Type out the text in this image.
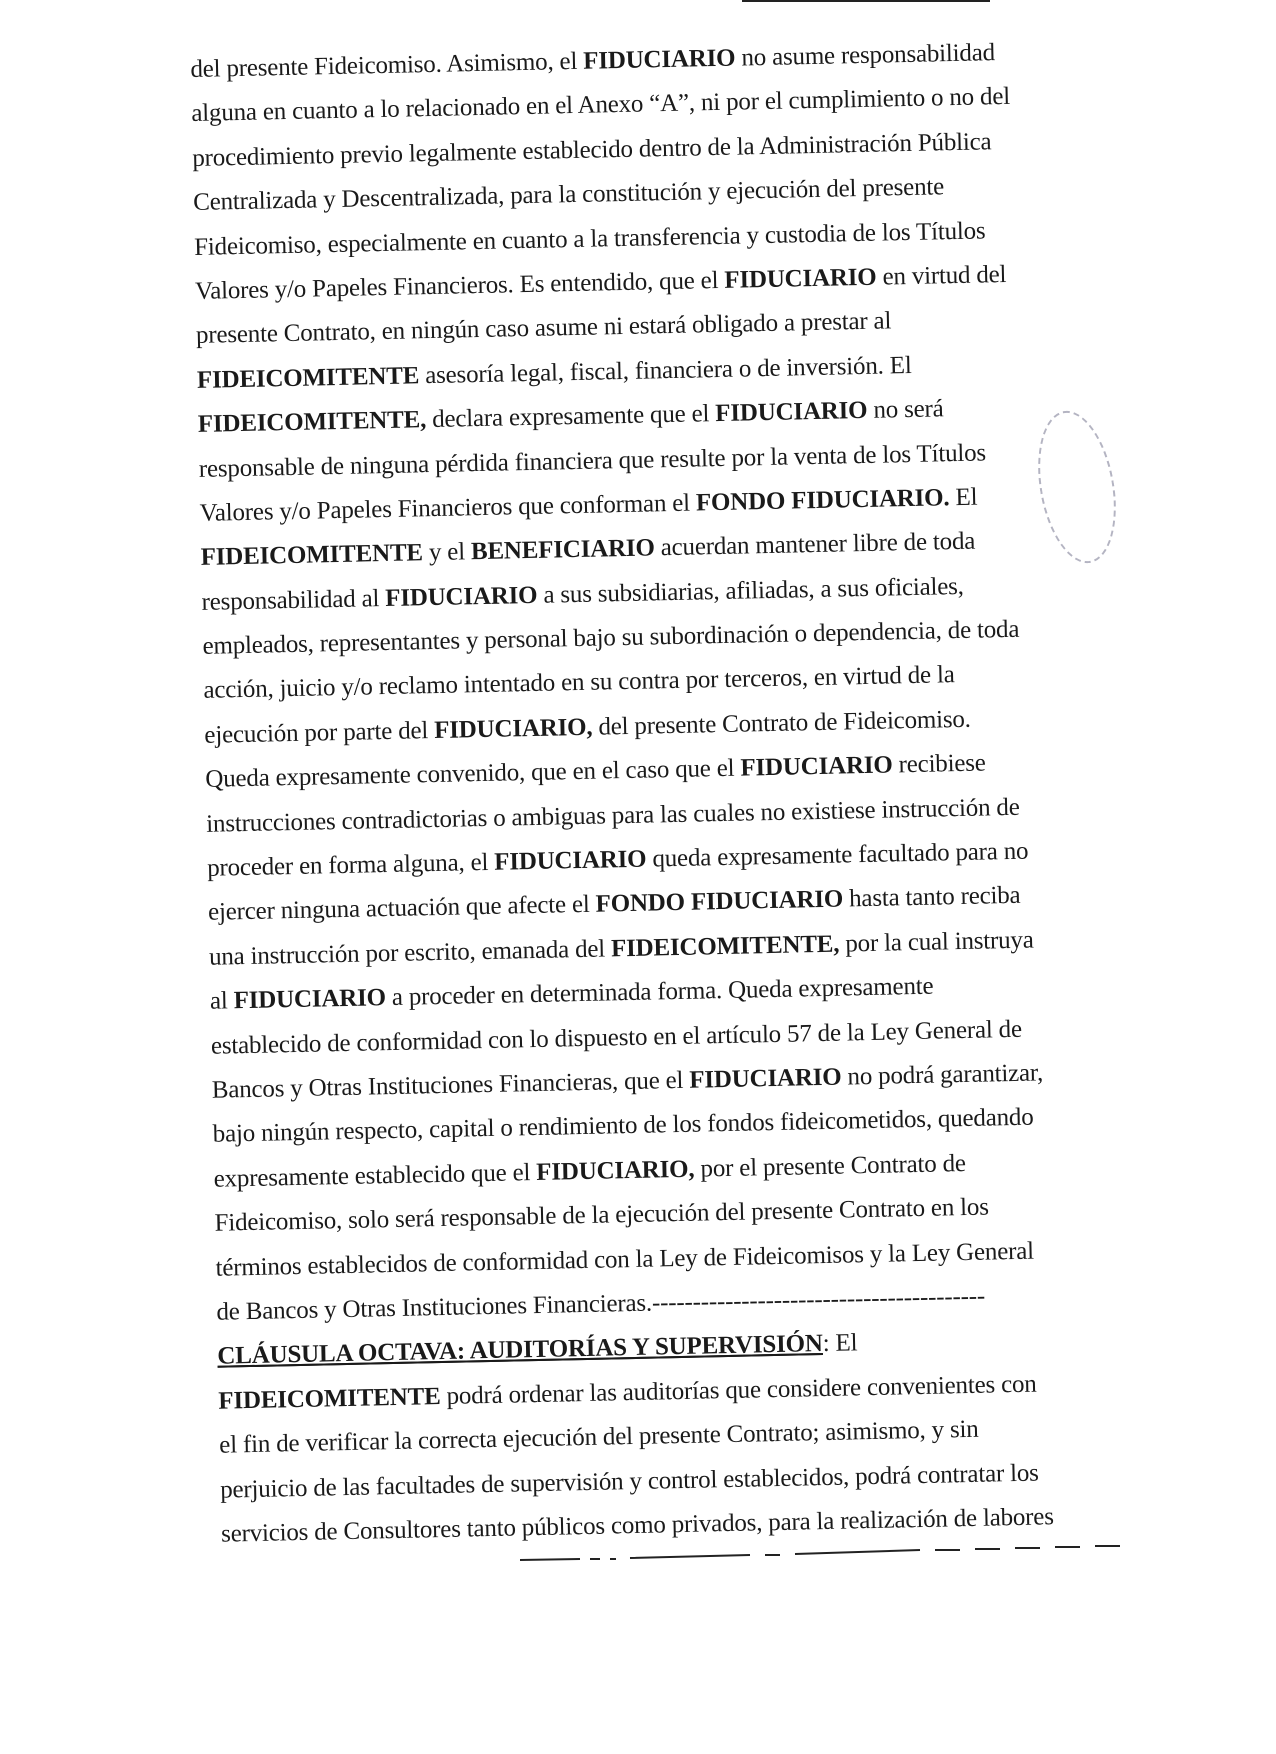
del presente Fideicomiso. Asimismo, el FIDUCIARIO no asume responsabilidad
alguna en cuanto a lo relacionado en el Anexo “A”, ni por el cumplimiento o no del
procedimiento previo legalmente establecido dentro de la Administración Pública
Centralizada y Descentralizada, para la constitución y ejecución del presente
Fideicomiso, especialmente en cuanto a la transferencia y custodia de los Títulos
Valores y/o Papeles Financieros. Es entendido, que el FIDUCIARIO en virtud del
presente Contrato, en ningún caso asume ni estará obligado a prestar al
FIDEICOMITENTE asesoría legal, fiscal, financiera o de inversión. El
FIDEICOMITENTE, declara expresamente que el FIDUCIARIO no será
responsable de ninguna pérdida financiera que resulte por la venta de los Títulos
Valores y/o Papeles Financieros que conforman el FONDO FIDUCIARIO. El
FIDEICOMITENTE y el BENEFICIARIO acuerdan mantener libre de toda
responsabilidad al FIDUCIARIO a sus subsidiarias, afiliadas, a sus oficiales,
empleados, representantes y personal bajo su subordinación o dependencia, de toda
acción, juicio y/o reclamo intentado en su contra por terceros, en virtud de la
ejecución por parte del FIDUCIARIO, del presente Contrato de Fideicomiso.
Queda expresamente convenido, que en el caso que el FIDUCIARIO recibiese
instrucciones contradictorias o ambiguas para las cuales no existiese instrucción de
proceder en forma alguna, el FIDUCIARIO queda expresamente facultado para no
ejercer ninguna actuación que afecte el FONDO FIDUCIARIO hasta tanto reciba
una instrucción por escrito, emanada del FIDEICOMITENTE, por la cual instruya
al FIDUCIARIO a proceder en determinada forma. Queda expresamente
establecido de conformidad con lo dispuesto en el artículo 57 de la Ley General de
Bancos y Otras Instituciones Financieras, que el FIDUCIARIO no podrá garantizar,
bajo ningún respecto, capital o rendimiento de los fondos fideicometidos, quedando
expresamente establecido que el FIDUCIARIO, por el presente Contrato de
Fideicomiso, solo será responsable de la ejecución del presente Contrato en los
términos establecidos de conformidad con la Ley de Fideicomisos y la Ley General
de Bancos y Otras Instituciones Financieras.-----------------------------------------
CLÁUSULA OCTAVA: AUDITORÍAS Y SUPERVISIÓN: El
FIDEICOMITENTE podrá ordenar las auditorías que considere convenientes con
el fin de verificar la correcta ejecución del presente Contrato; asimismo, y sin
perjuicio de las facultades de supervisión y control establecidos, podrá contratar los
servicios de Consultores tanto públicos como privados, para la realización de labores
